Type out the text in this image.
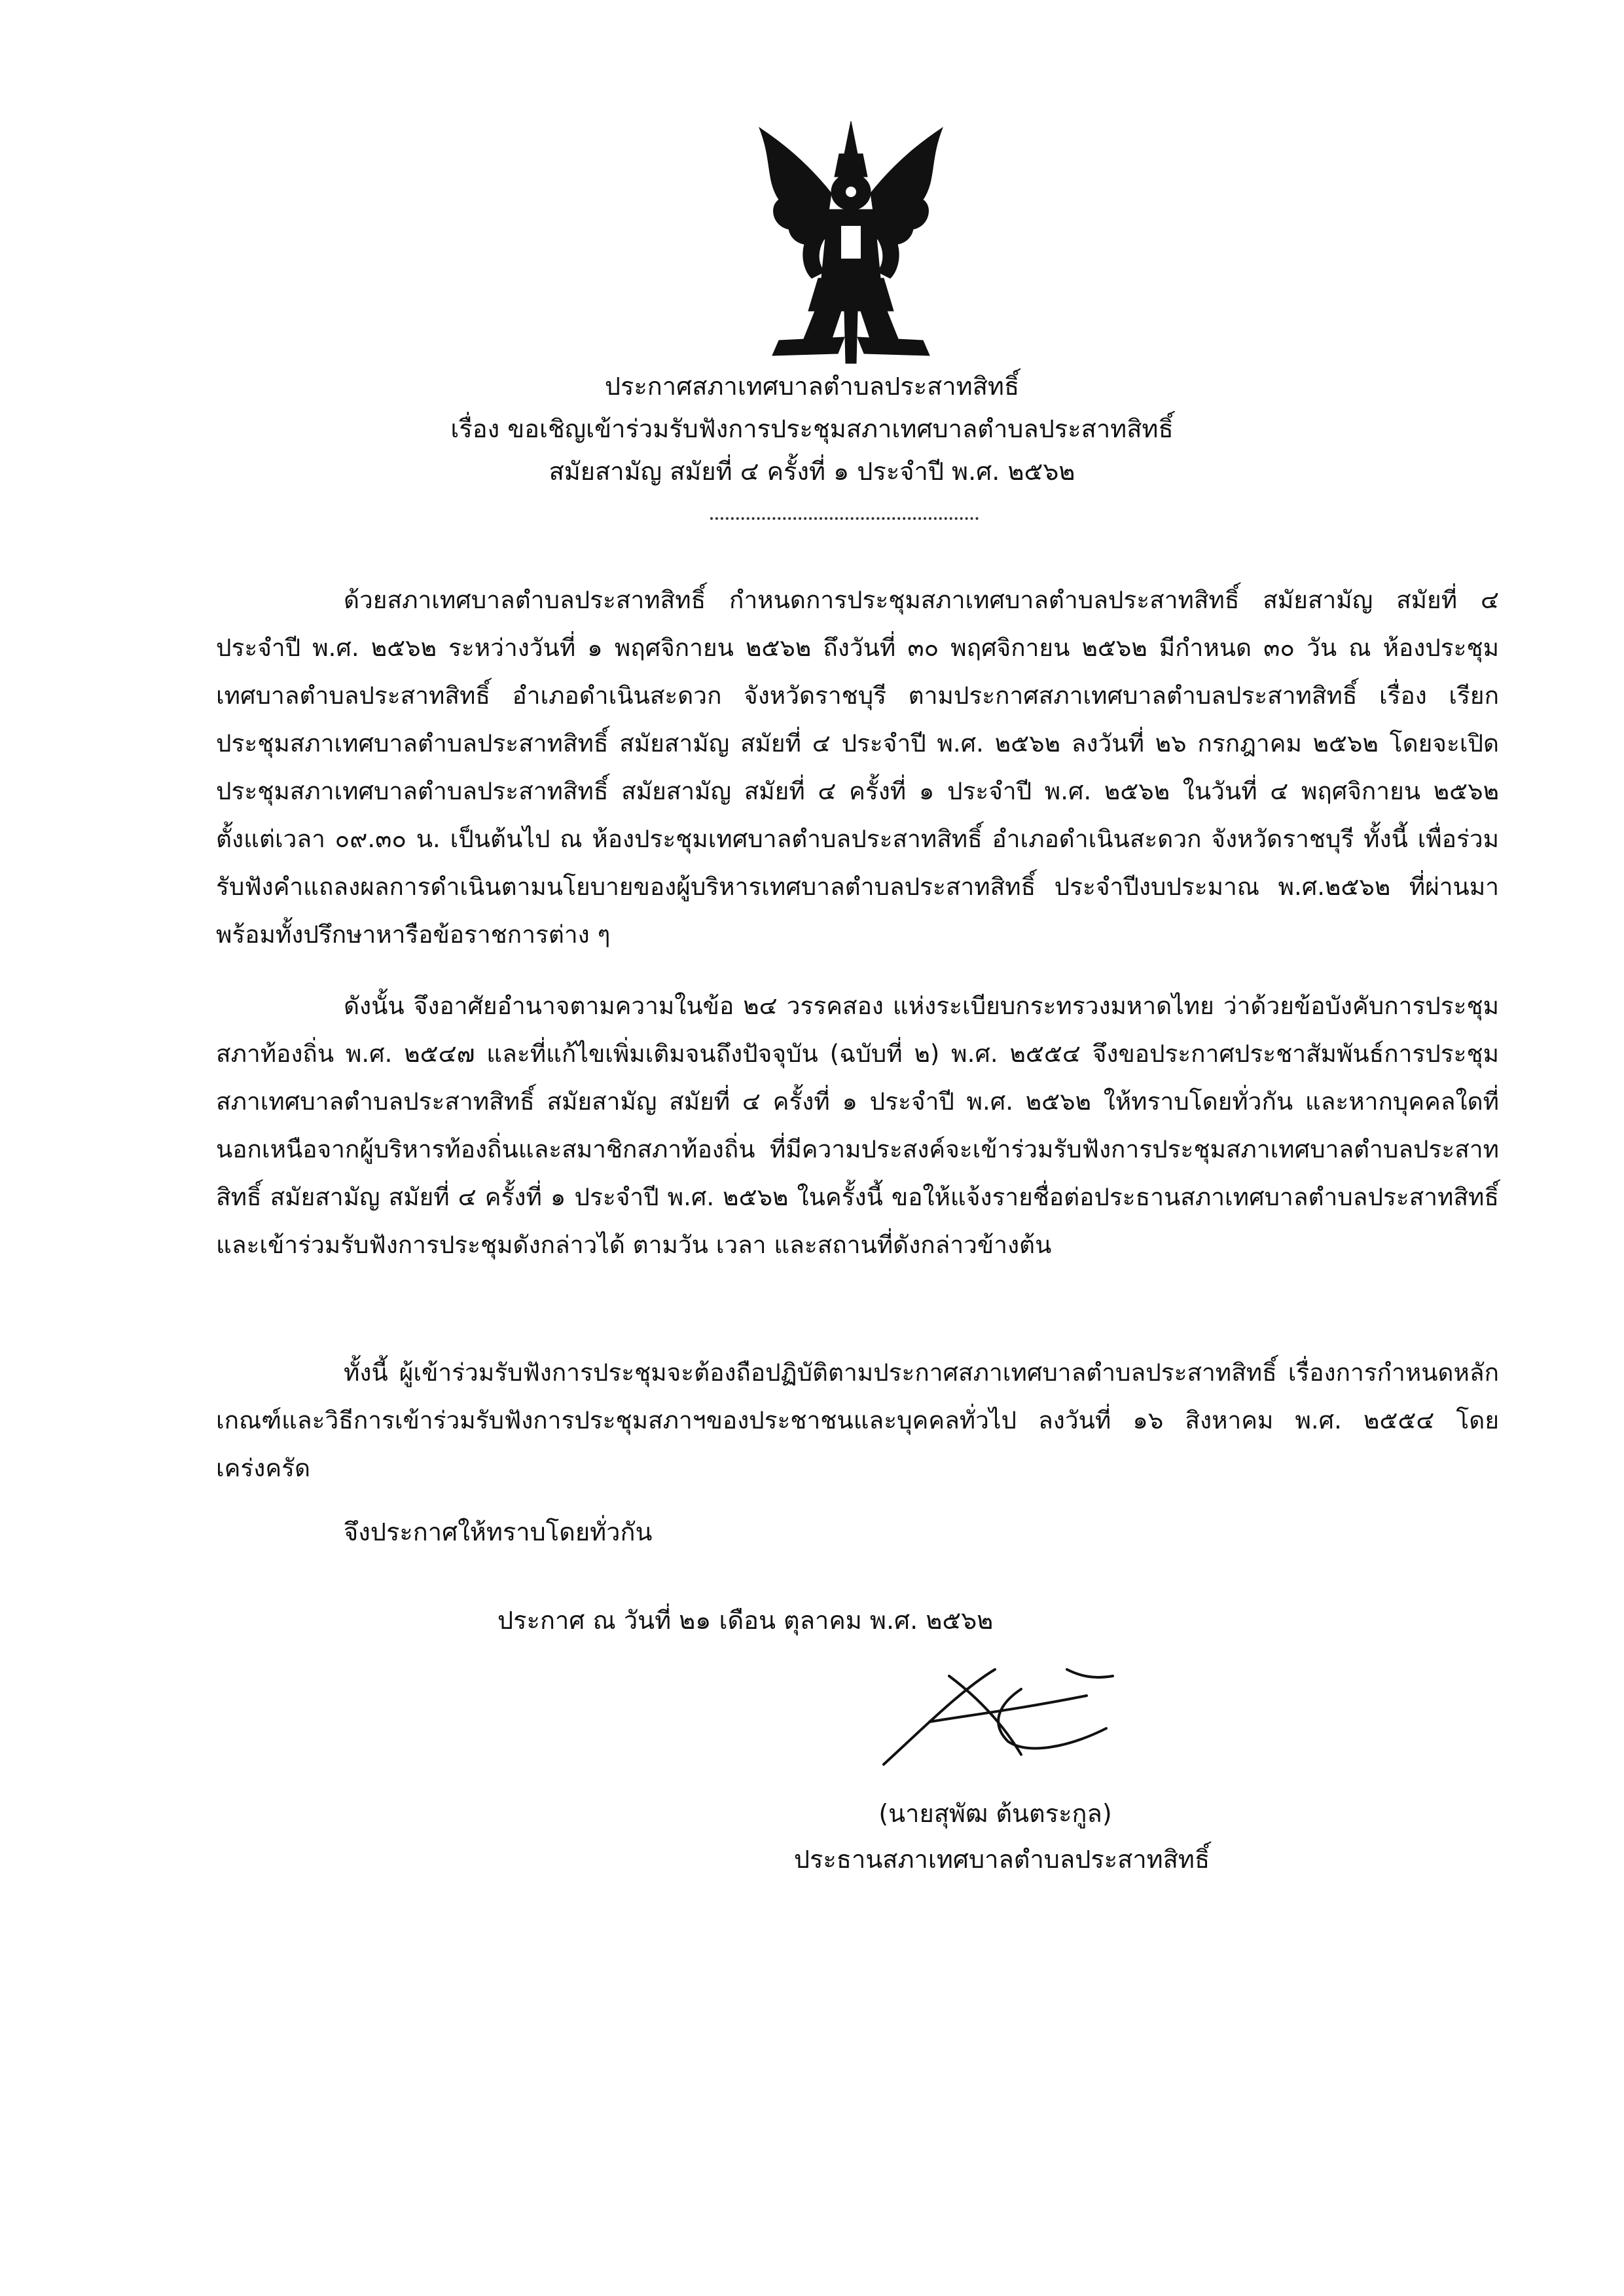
ประกาศสภาเทศบาลตำบลประสาทสิทธิ์
เรื่อง ขอเชิญเข้าร่วมรับฟังการประชุมสภาเทศบาลตำบลประสาทสิทธิ์
สมัยสามัญ สมัยที่ ๔ ครั้งที่ ๑ ประจำปี พ.ศ. ๒๕๖๒

ด้วยสภาเทศบาลตำบลประสาทสิทธิ์ กำหนดการประชุมสภาเทศบาลตำบลประสาทสิทธิ์ สมัยสามัญ สมัยที่ ๔ ประจำปี พ.ศ. ๒๕๖๒ ระหว่างวันที่ ๑ พฤศจิกายน ๒๕๖๒ ถึงวันที่ ๓๐ พฤศจิกายน ๒๕๖๒ มีกำหนด ๓๐ วัน ณ ห้องประชุมเทศบาลตำบลประสาทสิทธิ์ อำเภอดำเนินสะดวก จังหวัดราชบุรี ตามประกาศสภาเทศบาลตำบลประสาทสิทธิ์ เรื่อง เรียกประชุมสภาเทศบาลตำบลประสาทสิทธิ์ สมัยสามัญ สมัยที่ ๔ ประจำปี พ.ศ. ๒๕๖๒ ลงวันที่ ๒๖ กรกฎาคม ๒๕๖๒ โดยจะเปิดประชุมสภาเทศบาลตำบลประสาทสิทธิ์ สมัยสามัญ สมัยที่ ๔ ครั้งที่ ๑ ประจำปี พ.ศ. ๒๕๖๒ ในวันที่ ๔ พฤศจิกายน ๒๕๖๒ ตั้งแต่เวลา ๐๙.๓๐ น. เป็นต้นไป ณ ห้องประชุมเทศบาลตำบลประสาทสิทธิ์ อำเภอดำเนินสะดวก จังหวัดราชบุรี ทั้งนี้ เพื่อร่วมรับฟังคำแถลงผลการดำเนินตามนโยบายของผู้บริหารเทศบาลตำบลประสาทสิทธิ์ ประจำปีงบประมาณ พ.ศ.๒๕๖๒ ที่ผ่านมา พร้อมทั้งปรึกษาหารือข้อราชการต่าง ๆ

ดังนั้น จึงอาศัยอำนาจตามความในข้อ ๒๔ วรรคสอง แห่งระเบียบกระทรวงมหาดไทย ว่าด้วยข้อบังคับการประชุมสภาท้องถิ่น พ.ศ. ๒๕๔๗ และที่แก้ไขเพิ่มเติมจนถึงปัจจุบัน (ฉบับที่ ๒) พ.ศ. ๒๕๕๔ จึงขอประกาศประชาสัมพันธ์การประชุมสภาเทศบาลตำบลประสาทสิทธิ์ สมัยสามัญ สมัยที่ ๔ ครั้งที่ ๑ ประจำปี พ.ศ. ๒๕๖๒ ให้ทราบโดยทั่วกัน และหากบุคคลใดที่นอกเหนือจากผู้บริหารท้องถิ่นและสมาชิกสภาท้องถิ่น ที่มีความประสงค์จะเข้าร่วมรับฟังการประชุมสภาเทศบาลตำบลประสาทสิทธิ์ สมัยสามัญ สมัยที่ ๔ ครั้งที่ ๑ ประจำปี พ.ศ. ๒๕๖๒ ในครั้งนี้ ขอให้แจ้งรายชื่อต่อประธานสภาเทศบาลตำบลประสาทสิทธิ์ และเข้าร่วมรับฟังการประชุมดังกล่าวได้ ตามวัน เวลา และสถานที่ดังกล่าวข้างต้น

ทั้งนี้ ผู้เข้าร่วมรับฟังการประชุมจะต้องถือปฏิบัติตามประกาศสภาเทศบาลตำบลประสาทสิทธิ์ เรื่องการกำหนดหลักเกณฑ์และวิธีการเข้าร่วมรับฟังการประชุมสภาฯของประชาชนและบุคคลทั่วไป ลงวันที่ ๑๖ สิงหาคม พ.ศ. ๒๕๕๔ โดยเคร่งครัด

จึงประกาศให้ทราบโดยทั่วกัน
ประกาศ ณ วันที่ ๒๑ เดือน ตุลาคม พ.ศ. ๒๕๖๒
(นายสุพัฒ ต้นตระกูล)
ประธานสภาเทศบาลตำบลประสาทสิทธิ์
